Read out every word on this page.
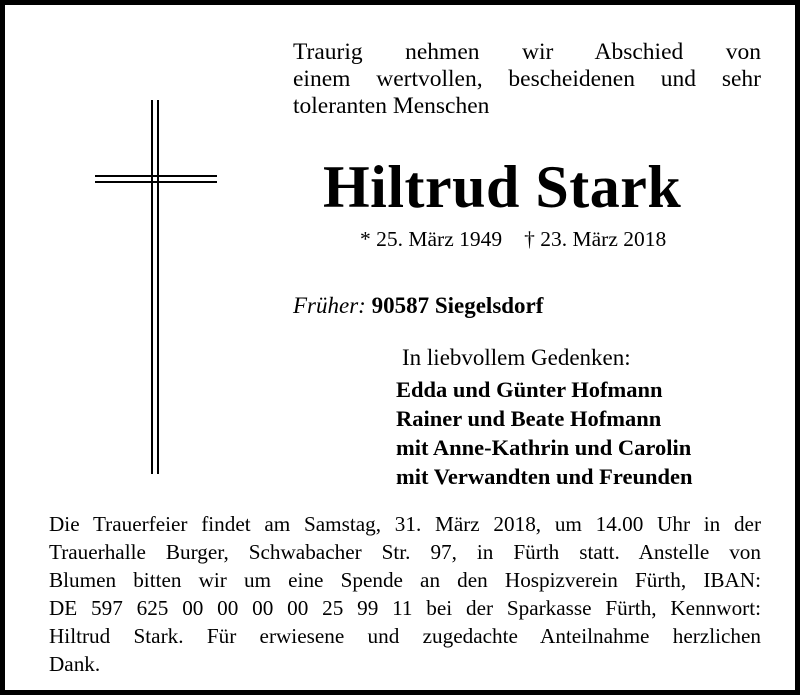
Traurig nehmen wir Abschied von
einem wertvollen, bescheidenen und sehr
toleranten Menschen
Hiltrud Stark
* 25. März 1949 † 23. März 2018
Früher: 90587 Siegelsdorf
In liebvollem Gedenken:
Edda und Günter Hofmann
Rainer und Beate Hofmann
mit Anne-Kathrin und Carolin
mit Verwandten und Freunden
Die Trauerfeier findet am Samstag, 31. März 2018, um 14.00 Uhr in der
Trauerhalle Burger, Schwabacher Str. 97, in Fürth statt. Anstelle von
Blumen bitten wir um eine Spende an den Hospizverein Fürth, IBAN:
DE 597 625 00 00 00 00 25 99 11 bei der Sparkasse Fürth, Kennwort:
Hiltrud Stark. Für erwiesene und zugedachte Anteilnahme herzlichen
Dank.
